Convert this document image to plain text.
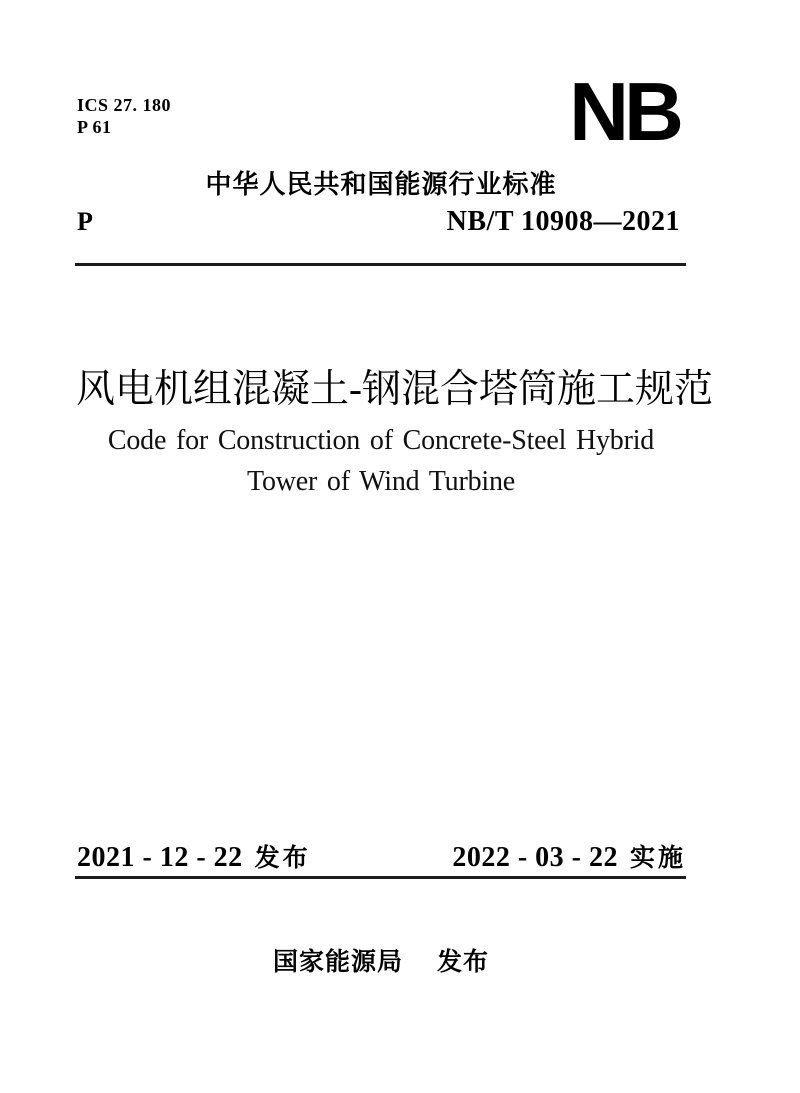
ICS 27. 180
P 61	NB
中华人民共和国能源行业标准
P	NB/T 10908—2021
风电机组混凝土-钢混合塔筒施工规范
Code for Construction of Concrete-Steel Hybrid
Tower of Wind Turbine
2021 - 12 - 22 发布	2022 - 03 - 22 实施
国家能源局 发布
